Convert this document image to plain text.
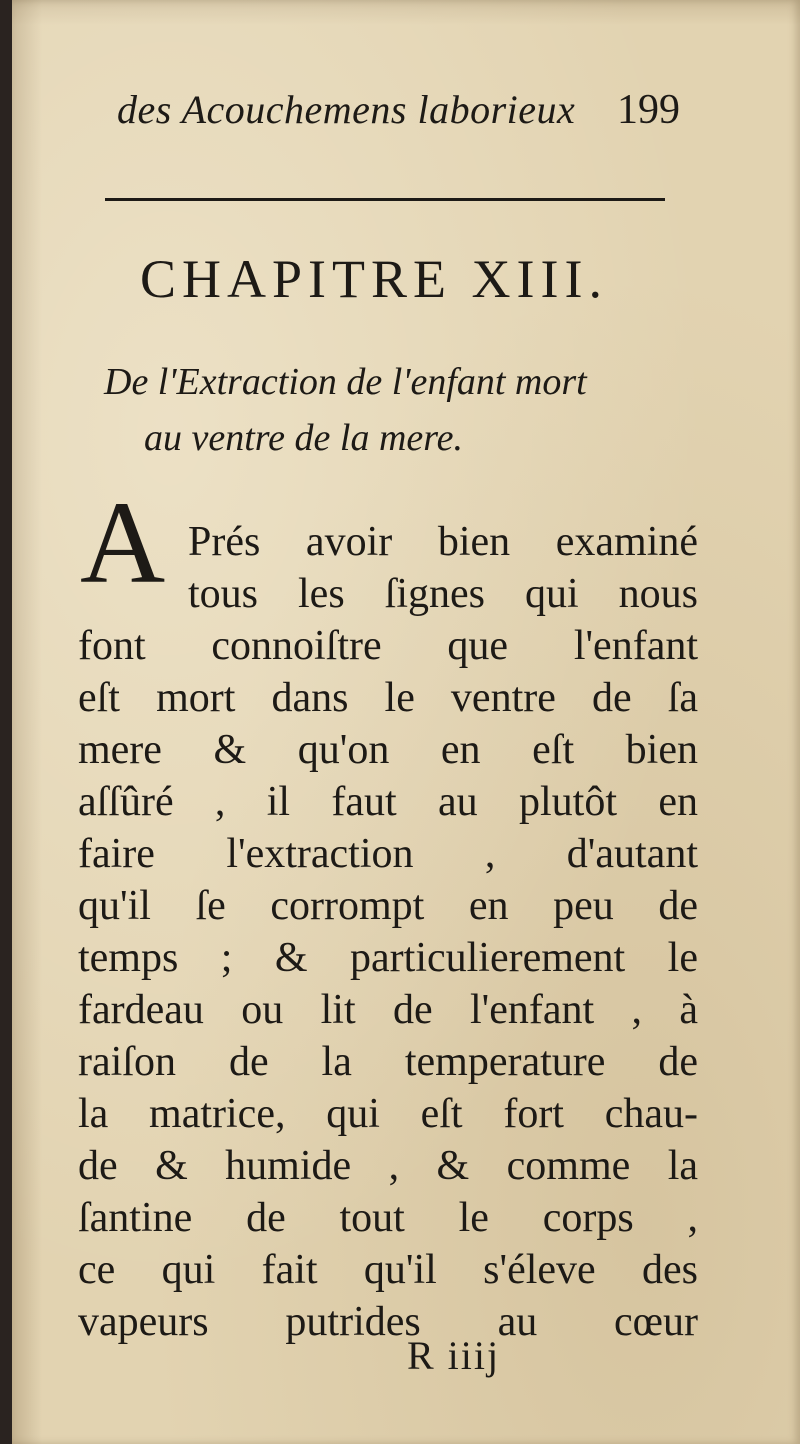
des Acouchemens laborieux 199
CHAPITRE XIII.
De l'Extraction de l'enfant mort
au ventre de la mere.
A Prés avoir bien examiné
tous les ſignes qui nous
font connoiſtre que l'enfant
eſt mort dans le ventre de ſa
mere & qu'on en eſt bien
aſſûré , il faut au plutôt en
faire l'extraction , d'autant
qu'il ſe corrompt en peu de
temps ; & particulierement le
fardeau ou lit de l'enfant , à
raiſon de la temperature de
la matrice, qui eſt fort chau-
de & humide , & comme la
ſantine de tout le corps ,
ce qui fait qu'il s'éleve des
vapeurs putrides au cœur
R iiij
